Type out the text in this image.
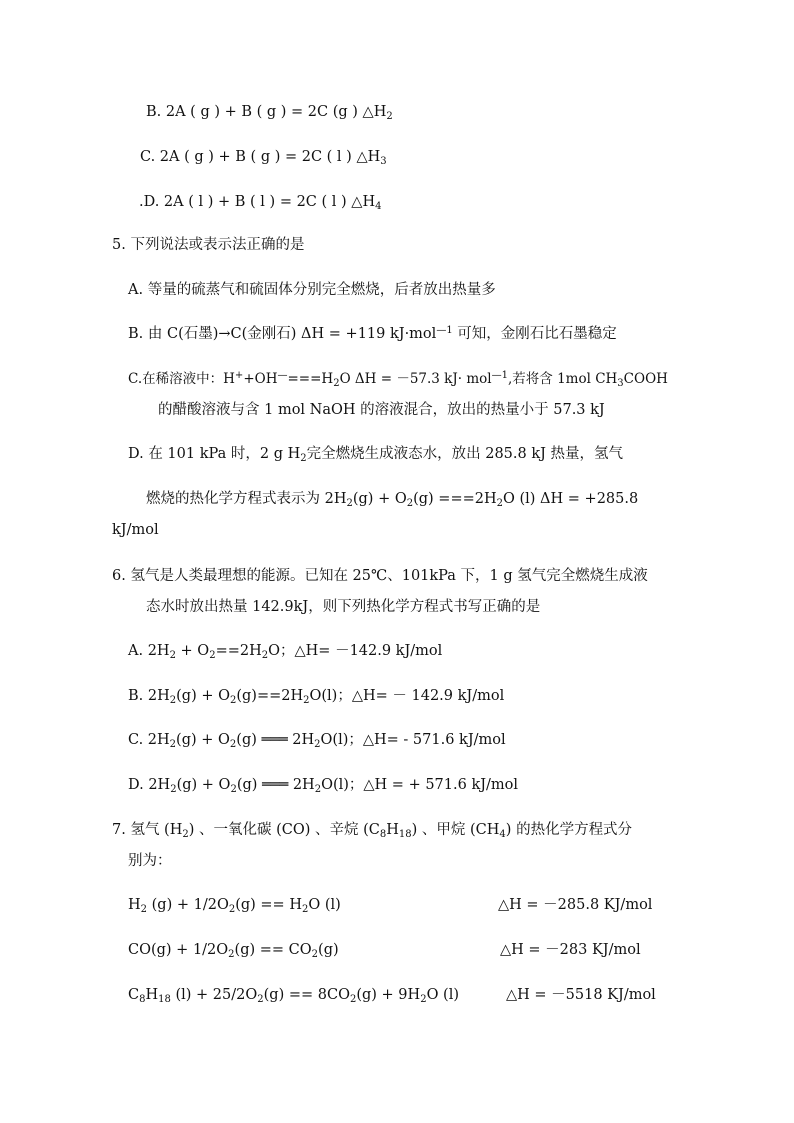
B. 2A ( g ) + B ( g ) = 2C (g ) $\triangle H_2$
C. 2A ( g ) + B ( g ) = 2C ( l ) $\triangle H_3$
.D. 2A ( l ) + B ( l ) = 2C ( l ) $\triangle H_4$
5. 下列说法或表示法正确的是
A. 等量的硫蒸气和硫固体分别完全燃烧，后者放出热量多
B. 由 C(石墨)→C(金刚石) ΔH = +119 kJ·mol$^{—1}$ 可知，金刚石比石墨稳定
C.在稀溶液中：$H^++OH^—===H_2O$ ΔH = －57.3 kJ· mol$^{—1}$,若将含 1mol $CH_3COOH$
的醋酸溶液与含 1 mol NaOH 的溶液混合，放出的热量小于 57.3 kJ
D. 在 101 kPa 时，2 g $H_2$完全燃烧生成液态水，放出 285.8 kJ 热量，氢气
燃烧的热化学方程式表示为 $2H_2(g) + O_2(g) ===2H_2O$ (l) ΔH = +285.8
kJ/mol
6. 氢气是人类最理想的能源。已知在 25℃、101kPa 下，1 g 氢气完全燃烧生成液
态水时放出热量 142.9kJ，则下列热化学方程式书写正确的是
A. $2H_2 + O_2==2H_2O$；△H= －142.9 kJ/mol
B. $2H_2(g) + O_2(g)==2H_2O(l)$；△H= － 142.9 kJ/mol
C. $2H_2(g) + O_2(g)$ ═══ $2H_2O(l)$；△H= - 571.6 kJ/mol
D. $2H_2(g) + O_2(g)$ ═══ $2H_2O(l)$；△H = + 571.6 kJ/mol
7. 氢气 $(H_2)$ 、一氧化碳 (CO) 、辛烷 $(C_8H_{18})$ 、甲烷 $(CH_4)$ 的热化学方程式分
别为：
$H_2$ $(g) + 1/2O_2(g) == H_2O$ (l)	△H = －285.8 KJ/mol
$CO(g) + 1/2O_2(g) == CO_2(g)$	△H = －283 KJ/mol
$C_8H_{18}$ $(l) + 25/2O_2(g) == 8CO_2(g) + 9H_2O$ (l)	△H = －5518 KJ/mol
